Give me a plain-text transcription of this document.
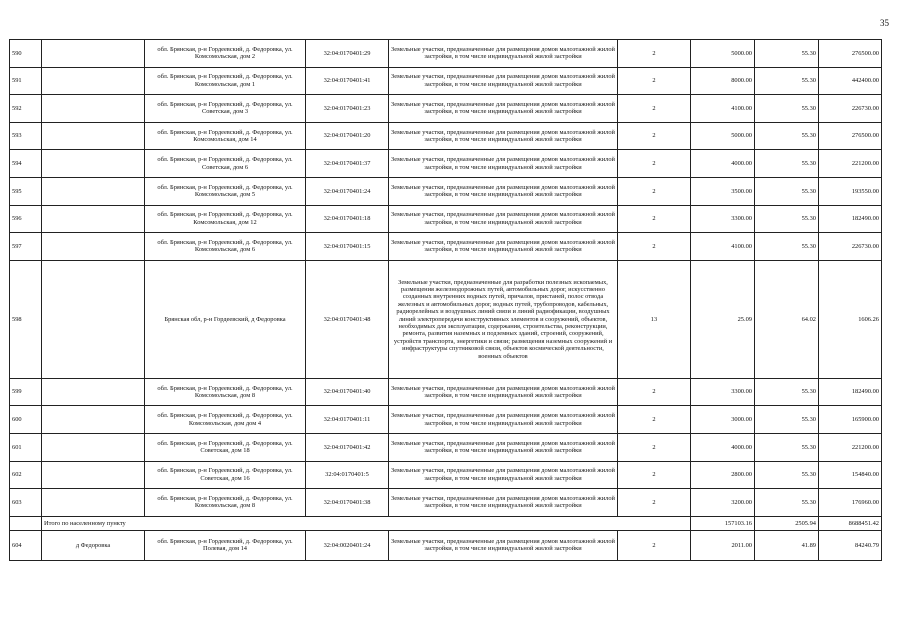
35
590		обл. Брянская, р-н Гордеевский, д. Федоровка, ул. Комсомольская, дом 2	32:04:0170401:29	Земельные участки, предназначенные для размещения домов малоэтажной жилой застройки, в том числе индивидуальной жилой застройки	2	5000.00	55.30	276500.00
591		обл. Брянская, р-н Гордеевский, д. Федоровка, ул. Комсомольская, дом 1	32:04:0170401:41	Земельные участки, предназначенные для размещения домов малоэтажной жилой застройки, в том числе индивидуальной жилой застройки	2	8000.00	55.30	442400.00
592		обл. Брянская, р-н Гордеевский, д. Федоровка, ул. Советская, дом 3	32:04:0170401:23	Земельные участки, предназначенные для размещения домов малоэтажной жилой застройки, в том числе индивидуальной жилой застройки	2	4100.00	55.30	226730.00
593		обл. Брянская, р-н Гордеевский, д. Федоровка, ул. Комсомольская, дом 14	32:04:0170401:20	Земельные участки, предназначенные для размещения домов малоэтажной жилой застройки, в том числе индивидуальной жилой застройки	2	5000.00	55.30	276500.00
594		обл. Брянская, р-н Гордеевский, д. Федоровка, ул. Советская, дом 6	32:04:0170401:37	Земельные участки, предназначенные для размещения домов малоэтажной жилой застройки, в том числе индивидуальной жилой застройки	2	4000.00	55.30	221200.00
595		обл. Брянская, р-н Гордеевский, д. Федоровка, ул. Комсомольская, дом 5	32:04:0170401:24	Земельные участки, предназначенные для размещения домов малоэтажной жилой застройки, в том числе индивидуальной жилой застройки	2	3500.00	55.30	193550.00
596		обл. Брянская, р-н Гордеевский, д. Федоровка, ул. Комсомольская, дом 12	32:04:0170401:18	Земельные участки, предназначенные для размещения домов малоэтажной жилой застройки, в том числе индивидуальной жилой застройки	2	3300.00	55.30	182490.00
597		обл. Брянская, р-н Гордеевский, д. Федоровка, ул. Комсомольская, дом 6	32:04:0170401:15	Земельные участки, предназначенные для размещения домов малоэтажной жилой застройки, в том числе индивидуальной жилой застройки	2	4100.00	55.30	226730.00
598		Брянская обл, р-н Гордеевский, д Федоровка	32:04:0170401:48	Земельные участки, предназначенные для разработки полезных ископаемых, размещения железнодорожных путей, автомобильных дорог, искусственно созданных внутренних водных путей, причалов, пристаней, полос отвода железных и автомобильных дорог, водных путей, трубопроводов, кабельных, радиорелейных и воздушных линий связи и линий радиофикации, воздушных линий электропередачи конструктивных элементов и сооружений, объектов, необходимых для эксплуатации, содержания, строительства, реконструкции, ремонта, развития наземных и подземных зданий, строений, сооружений, устройств транспорта, энергетики и связи; размещения наземных сооружений и инфраструктуры спутниковой связи, объектов космической деятельности, военных объектов	13	25.09	64.02	1606.26
599		обл. Брянская, р-н Гордеевский, д. Федоровка, ул. Комсомольская, дом 8	32:04:0170401:40	Земельные участки, предназначенные для размещения домов малоэтажной жилой застройки, в том числе индивидуальной жилой застройки	2	3300.00	55.30	182490.00
600		обл. Брянская, р-н Гордеевский, д. Федоровка, ул. Комсомольская, дом дом 4	32:04:0170401:11	Земельные участки, предназначенные для размещения домов малоэтажной жилой застройки, в том числе индивидуальной жилой застройки	2	3000.00	55.30	165900.00
601		обл. Брянская, р-н Гордеевский, д. Федоровка, ул. Советская, дом 18	32:04:0170401:42	Земельные участки, предназначенные для размещения домов малоэтажной жилой застройки, в том числе индивидуальной жилой застройки	2	4000.00	55.30	221200.00
602		обл. Брянская, р-н Гордеевский, д. Федоровка, ул. Советская, дом 16	32:04:0170401:5	Земельные участки, предназначенные для размещения домов малоэтажной жилой застройки, в том числе индивидуальной жилой застройки	2	2800.00	55.30	154840.00
603		обл. Брянская, р-н Гордеевский, д. Федоровка, ул. Комсомольская, дом 8	32:04:0170401:38	Земельные участки, предназначенные для размещения домов малоэтажной жилой застройки, в том числе индивидуальной жилой застройки	2	3200.00	55.30	176960.00
	Итого по населенному пункту					157103.16	2505.94	8688451.42
604	д Федоровка	обл. Брянская, р-н Гордеевский, д. Федоровка, ул. Полевая, дом 14	32:04:0020401:24	Земельные участки, предназначенные для размещения домов малоэтажной жилой застройки, в том числе индивидуальной жилой застройки	2	2011.00	41.89	84240.79
